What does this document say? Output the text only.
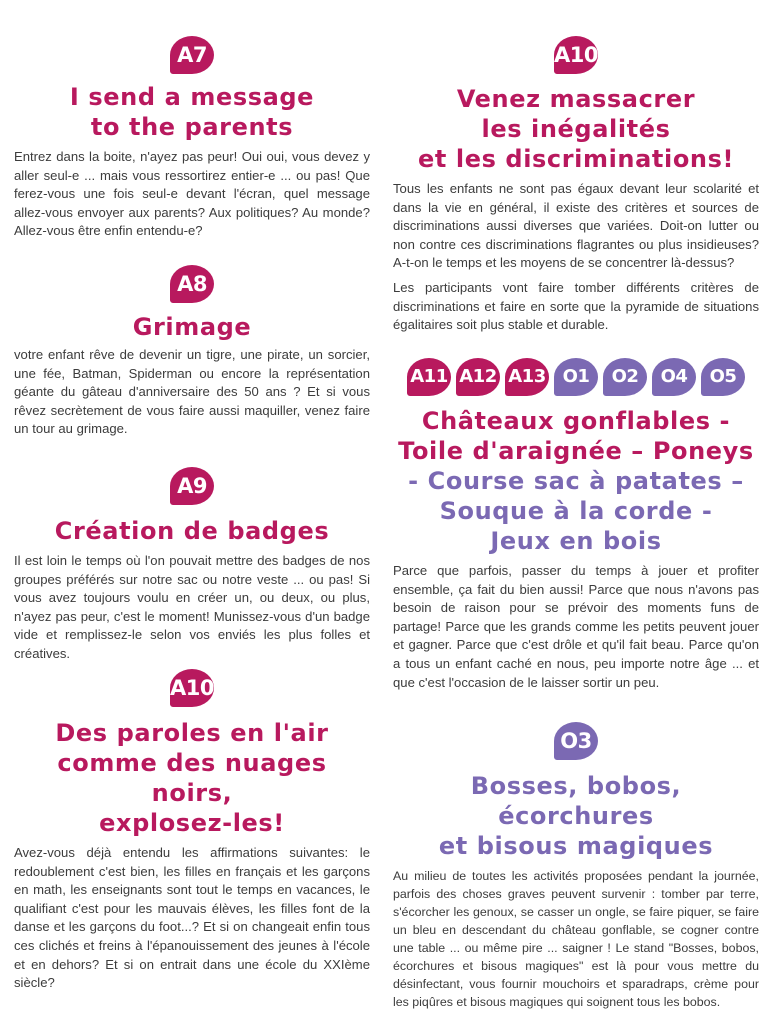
A7
I send a message
to the parents
Entrez dans la boite, n'ayez pas peur! Oui oui, vous devez y aller seul-e ... mais vous ressortirez entier-e ... ou pas! Que ferez-vous une fois seul-e devant l'écran, quel message allez-vous envoyer aux parents? Aux politiques? Au monde? Allez-vous être enfin entendu-e?
A8
Grimage
votre enfant rêve de devenir un tigre, une pirate, un sorcier, une fée, Batman, Spiderman ou encore la représentation géante du gâteau d'anniversaire des 50 ans ? Et si vous rêvez secrètement de vous faire aussi maquiller, venez faire un tour au grimage.
A9
Création de badges
Il est loin le temps où l'on pouvait mettre des badges de nos groupes préférés sur notre sac ou notre veste ... ou pas! Si vous avez toujours voulu en créer un, ou deux, ou plus, n'ayez pas peur, c'est le moment! Munissez-vous d'un badge vide et remplissez-le selon vos enviés les plus folles et créatives.
A10
Des paroles en l'air
comme des nuages noirs,
explosez-les!
Avez-vous déjà entendu les affirmations suivantes: le redoublement c'est bien, les filles en français et les garçons en math, les enseignants sont tout le temps en vacances, le qualifiant c'est pour les mauvais élèves, les filles font de la danse et les garçons du foot...? Et si on changeait enfin tous ces clichés et freins à l'épanouissement des jeunes à l'école et en dehors? Et si on entrait dans une école du XXIème siècle?
A10
Venez massacrer
les inégalités
et les discriminations!

Tous les enfants ne sont pas égaux devant leur scolarité et dans la vie en général, il existe des critères et sources de discriminations aussi diverses que variées. Doit-on lutter ou non contre ces discriminations flagrantes ou plus insidieuses? A-t-on le temps et les moyens de se concentrer là-dessus?

Les participants vont faire tomber différents critères de discriminations et faire en sorte que la pyramide de situations égalitaires soit plus stable et durable.

A11 A12 A13 O1	O2	O4	O5
Châteaux gonflables -
Toile d'araignée – Poneys
- Course sac à patates –
Souque à la corde -
Jeux en bois
Parce que parfois, passer du temps à jouer et profiter ensemble, ça fait du bien aussi! Parce que nous n'avons pas besoin de raison pour se prévoir des moments funs de partage! Parce que les grands comme les petits peuvent jouer et gagner. Parce que c'est drôle et qu'il fait beau. Parce qu'on a tous un enfant caché en nous, peu importe notre âge ... et que c'est l'occasion de le laisser sortir un peu.
O3
Bosses, bobos, écorchures
et bisous magiques
Au milieu de toutes les activités proposées pendant la journée, parfois des choses graves peuvent survenir : tomber par terre, s'écorcher les genoux, se casser un ongle, se faire piquer, se faire un bleu en descendant du château gonflable, se cogner contre une table ... ou même pire ... saigner ! Le stand "Bosses, bobos, écorchures et bisous magiques" est là pour vous mettre du désinfectant, vous fournir mouchoirs et sparadraps, crème pour les piqûres et bisous magiques qui soignent tous les bobos.
